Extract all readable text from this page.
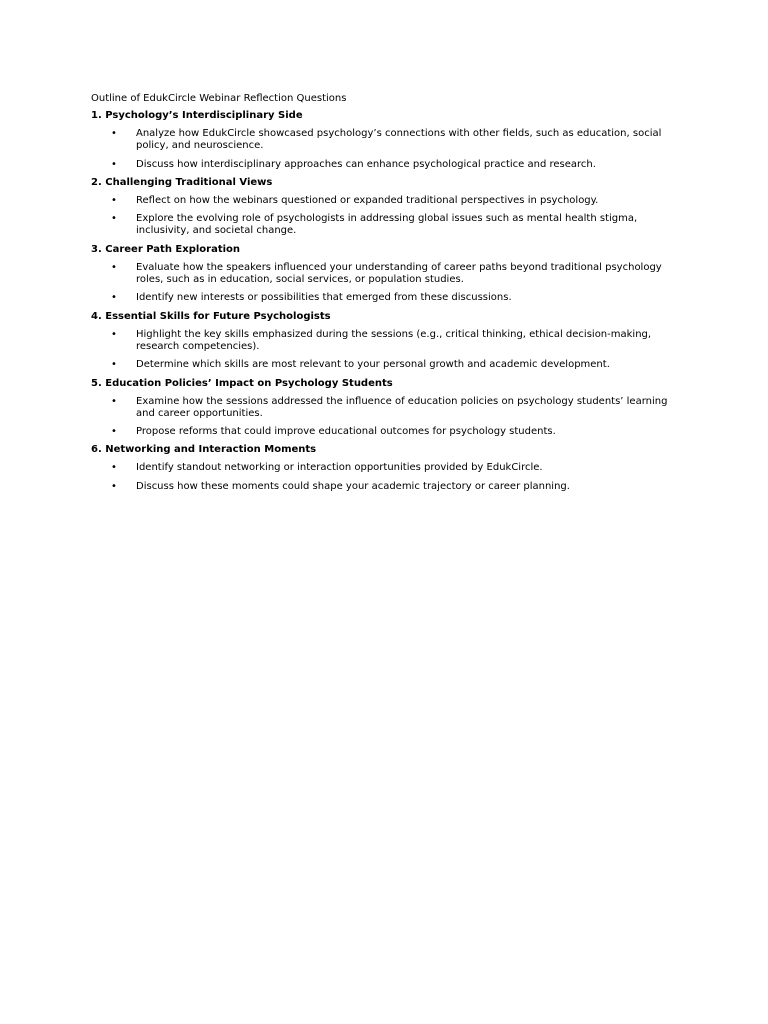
Outline of EdukCircle Webinar Reflection Questions
1. Psychology’s Interdisciplinary Side
• Analyze how EdukCircle showcased psychology’s connections with other fields, such as education, social policy, and neuroscience.
• Discuss how interdisciplinary approaches can enhance psychological practice and research.
2. Challenging Traditional Views
• Reflect on how the webinars questioned or expanded traditional perspectives in psychology.
• Explore the evolving role of psychologists in addressing global issues such as mental health stigma, inclusivity, and societal change.
3. Career Path Exploration
• Evaluate how the speakers influenced your understanding of career paths beyond traditional psychology roles, such as in education, social services, or population studies.
• Identify new interests or possibilities that emerged from these discussions.
4. Essential Skills for Future Psychologists
• Highlight the key skills emphasized during the sessions (e.g., critical thinking, ethical decision-making, research competencies).
• Determine which skills are most relevant to your personal growth and academic development.
5. Education Policies’ Impact on Psychology Students
• Examine how the sessions addressed the influence of education policies on psychology students’ learning and career opportunities.
• Propose reforms that could improve educational outcomes for psychology students.
6. Networking and Interaction Moments
• Identify standout networking or interaction opportunities provided by EdukCircle.
• Discuss how these moments could shape your academic trajectory or career planning.
